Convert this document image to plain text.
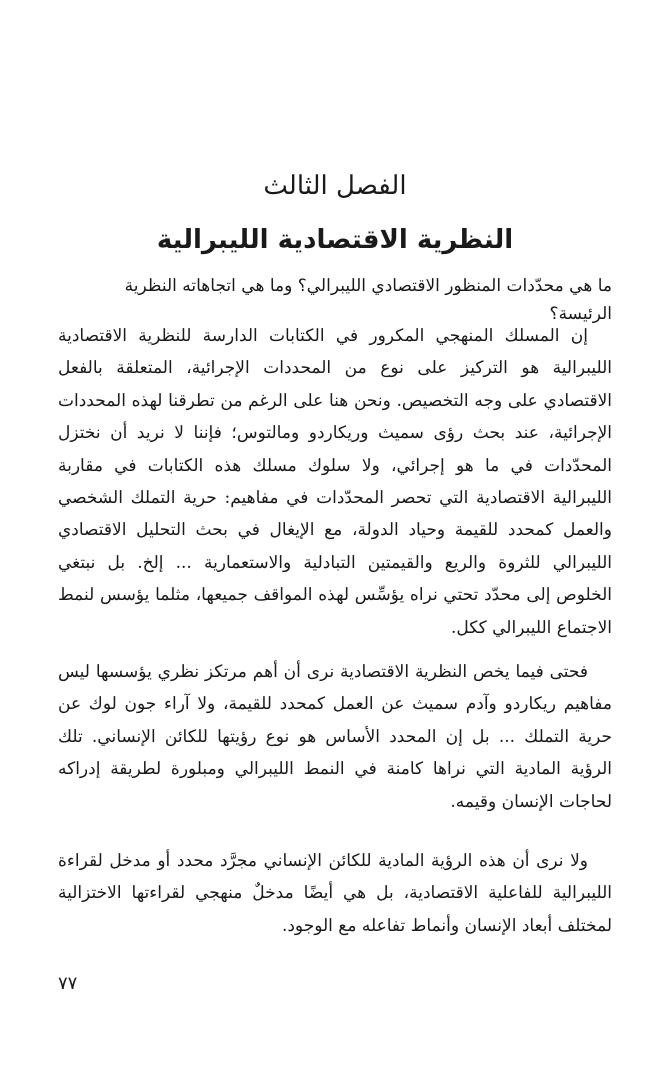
الفصل الثالث
النظرية الاقتصادية الليبرالية

ما هي محدّدات المنظور الاقتصادي الليبرالي؟ وما هي اتجاهاته النظرية الرئيسة؟

إن المسلك المنهجي المكرور في الكتابات الدارسة للنظرية الاقتصادية الليبرالية هو التركيز على نوع من المحددات الإجرائية، المتعلقة بالفعل الاقتصادي على وجه التخصيص. ونحن هنا على الرغم من تطرقنا لهذه المحددات الإجرائية، عند بحث رؤى سميث وريكاردو ومالتوس؛ فإننا لا نريد أن نختزل المحدّدات في ما هو إجرائي، ولا سلوك مسلك هذه الكتابات في مقاربة الليبرالية الاقتصادية التي تحصر المحدّدات في مفاهيم: حرية التملك الشخصي والعمل كمحدد للقيمة وحياد الدولة، مع الإيغال في بحث التحليل الاقتصادي الليبرالي للثروة والريع والقيمتين التبادلية والاستعمارية ... إلخ. بل نبتغي الخلوص إلى محدّد تحتي نراه يؤسِّس لهذه المواقف جميعها، مثلما يؤسس لنمط الاجتماع الليبرالي ككل.

فحتى فيما يخص النظرية الاقتصادية نرى أن أهم مرتكز نظري يؤسسها ليس مفاهيم ريكاردو وآدم سميث عن العمل كمحدد للقيمة، ولا آراء جون لوك عن حرية التملك ... بل إن المحدد الأساس هو نوع رؤيتها للكائن الإنساني. تلك الرؤية المادية التي نراها كامنة في النمط الليبرالي ومبلورة لطريقة إدراكه لحاجات الإنسان وقيمه.

ولا نرى أن هذه الرؤية المادية للكائن الإنساني مجرَّد محدد أو مدخل لقراءة الليبرالية للفاعلية الاقتصادية، بل هي أيضًا مدخلٌ منهجي لقراءتها الاختزالية لمختلف أبعاد الإنسان وأنماط تفاعله مع الوجود.

٧٧
